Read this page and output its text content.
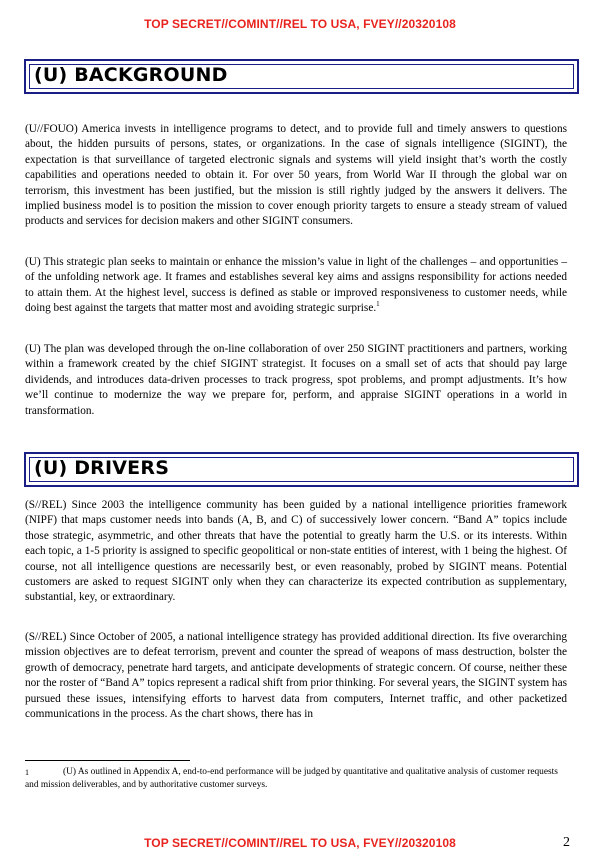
TOP SECRET//COMINT//REL TO USA, FVEY//20320108
(U) BACKGROUND

(U//FOUO) America invests in intelligence programs to detect, and to provide full and timely answers to questions about, the hidden pursuits of persons, states, or organizations. In the case of signals intelligence (SIGINT), the expectation is that surveillance of targeted electronic signals and systems will yield insight that’s worth the costly capabilities and operations needed to obtain it. For over 50 years, from World War II through the global war on terrorism, this investment has been justified, but the mission is still rightly judged by the answers it delivers. The implied business model is to position the mission to cover enough priority targets to ensure a steady stream of valued products and services for decision makers and other SIGINT consumers.

(U) This strategic plan seeks to maintain or enhance the mission’s value in light of the challenges – and opportunities – of the unfolding network age. It frames and establishes several key aims and assigns responsibility for actions needed to attain them. At the highest level, success is defined as stable or improved responsiveness to customer needs, while doing best against the targets that matter most and avoiding strategic surprise.$^1$

(U) The plan was developed through the on-line collaboration of over 250 SIGINT practitioners and partners, working within a framework created by the chief SIGINT strategist. It focuses on a small set of acts that should pay large dividends, and introduces data-driven processes to track progress, spot problems, and prompt adjustments. It’s how we’ll continue to modernize the way we prepare for, perform, and appraise SIGINT operations in a world in transformation.

(U) DRIVERS

(S//REL) Since 2003 the intelligence community has been guided by a national intelligence priorities framework (NIPF) that maps customer needs into bands (A, B, and C) of successively lower concern. “Band A” topics include those strategic, asymmetric, and other threats that have the potential to greatly harm the U.S. or its interests. Within each topic, a 1-5 priority is assigned to specific geopolitical or non-state entities of interest, with 1 being the highest. Of course, not all intelligence questions are necessarily best, or even reasonably, probed by SIGINT means. Potential customers are asked to request SIGINT only when they can characterize its expected contribution as supplementary, substantial, key, or extraordinary.

(S//REL) Since October of 2005, a national intelligence strategy has provided additional direction. Its five overarching mission objectives are to defeat terrorism, prevent and counter the spread of weapons of mass destruction, bolster the growth of democracy, penetrate hard targets, and anticipate developments of strategic concern. Of course, neither these nor the roster of “Band A” topics represent a radical shift from prior thinking. For several years, the SIGINT system has pursued these issues, intensifying efforts to harvest data from computers, Internet traffic, and other packetized communications in the process. As the chart shows, there has in

1	(U) As outlined in Appendix A, end-to-end performance will be judged by quantitative and qualitative analysis of customer requests and mission deliverables, and by authoritative customer surveys.

TOP SECRET//COMINT//REL TO USA, FVEY//20320108	2
